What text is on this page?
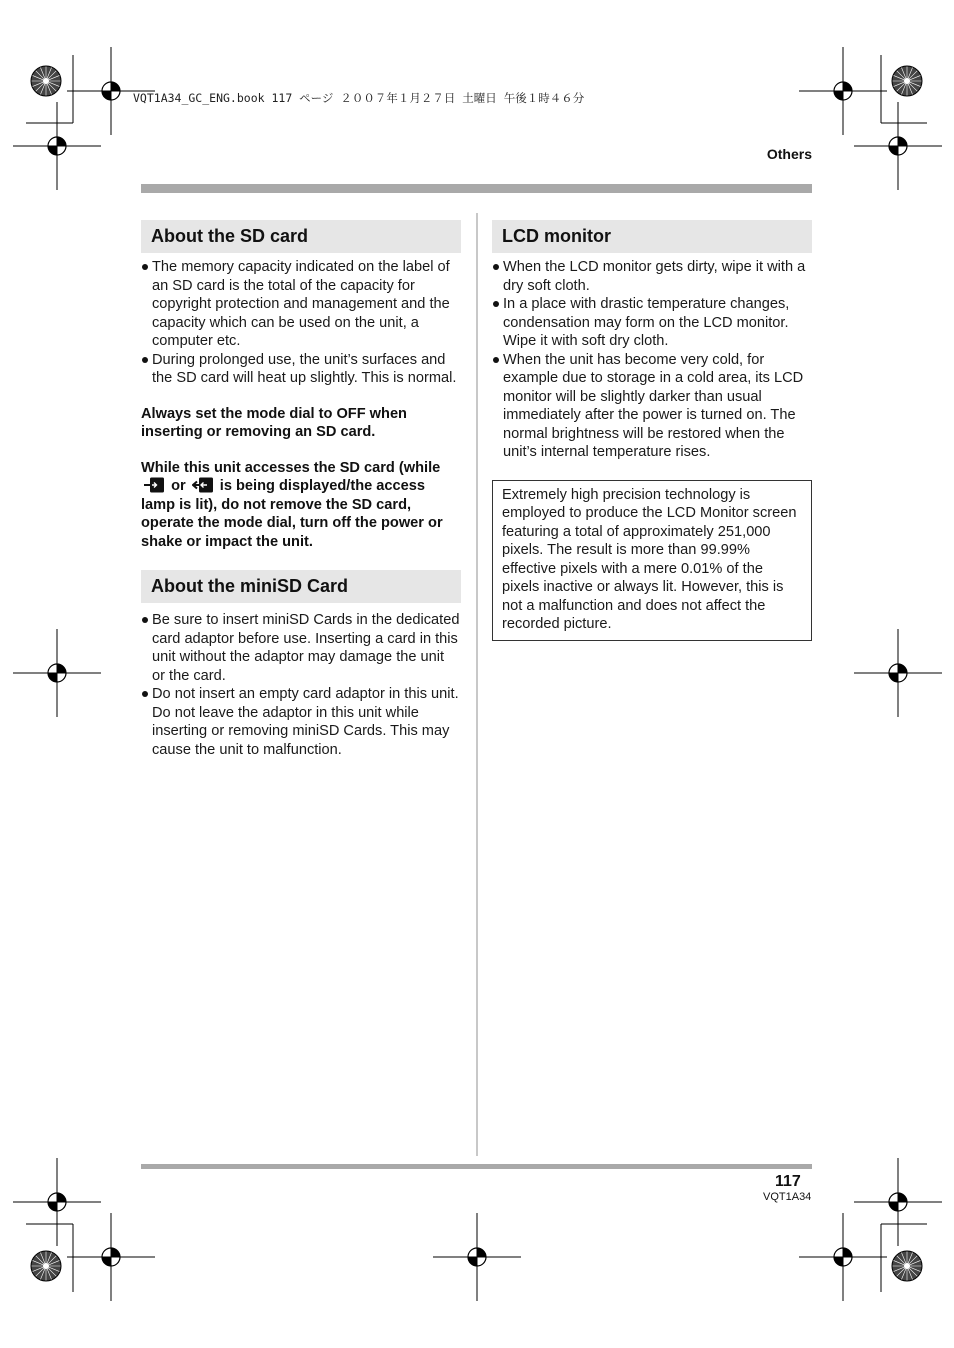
VQT1A34_GC_ENG.book 117 ページ ２００７年１月２７日 土曜日 午後１時４６分
Others
About the SD card
The memory capacity indicated on the label of an SD card is the total of the capacity for copyright protection and management and the capacity which can be used on the unit, a computer etc.
During prolonged use, the unit’s surfaces and the SD card will heat up slightly. This is normal.

Always set the mode dial to OFF when inserting or removing an SD card.

While this unit accesses the SD card (while
or is being displayed/the access lamp is lit), do not remove the SD card, operate the mode dial, turn off the power or shake or impact the unit.

About the miniSD Card
Be sure to insert miniSD Cards in the dedicated card adaptor before use. Inserting a card in this unit without the adaptor may damage the unit or the card.
Do not insert an empty card adaptor in this unit. Do not leave the adaptor in this unit while inserting or removing miniSD Cards. This may cause the unit to malfunction.
LCD monitor
When the LCD monitor gets dirty, wipe it with a dry soft cloth.
In a place with drastic temperature changes, condensation may form on the LCD monitor. Wipe it with soft dry cloth.
When the unit has become very cold, for example due to storage in a cold area, its LCD monitor will be slightly darker than usual immediately after the power is turned on. The normal brightness will be restored when the unit’s internal temperature rises.
Extremely high precision technology is employed to produce the LCD Monitor screen featuring a total of approximately 251,000 pixels. The result is more than 99.99% effective pixels with a mere 0.01% of the pixels inactive or always lit. However, this is not a malfunction and does not affect the recorded picture.
117
VQT1A34
